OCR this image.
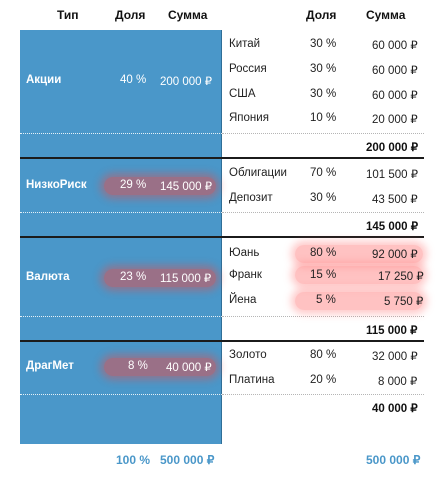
Тип	Доля Сумма	Доля Сумма
Акции	40 % 200 000 ₽
Китай	30 %	60 000 ₽
Россия	30 %	60 000 ₽
США	30 %	60 000 ₽
Япония	10 %	20 000 ₽
200 000 ₽
НизкоРиск	29 % 145 000 ₽
Облигации 70 %	101 500 ₽
Депозит	30 %	43 500 ₽
145 000 ₽
Валюта	23 % 115 000 ₽
Юань	80 %	92 000 ₽
Франк	15 %	17 250 ₽
Йена	5 %	5 750 ₽
115 000 ₽
ДрагМет	8 % 40 000 ₽
Золото	80 %	32 000 ₽
Платина	20 %	8 000 ₽
40 000 ₽
100 % 500 000 ₽	500 000 ₽
